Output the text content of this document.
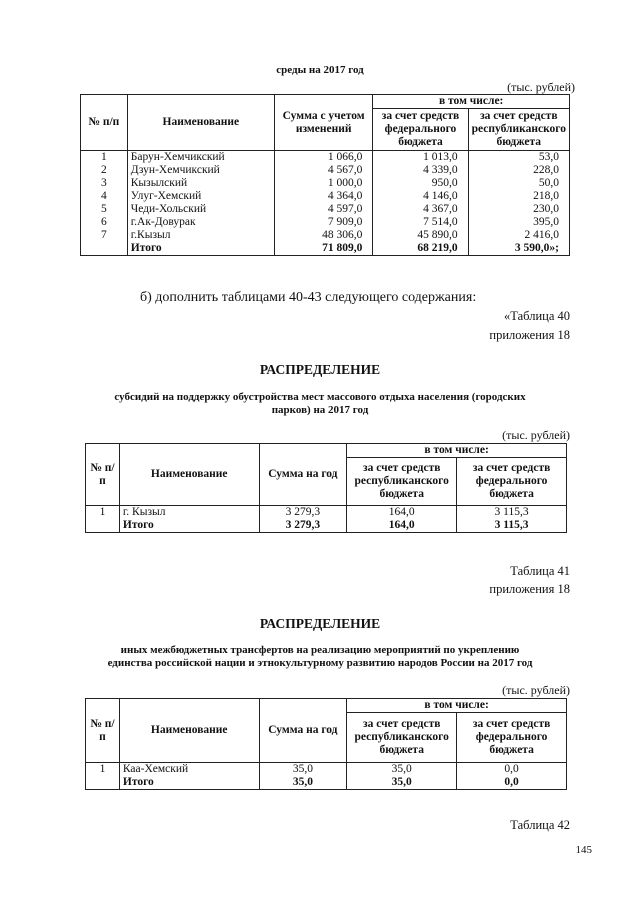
среды на 2017 год
(тыс. рублей)
№ п/п	Наименование	Сумма с учетом изменений	в том числе:	
			за счет средств федерального бюджета	за счет средств республиканского бюджета
1	Барун-Хемчикский	1 066,0	1 013,0	53,0
2	Дзун-Хемчикский	4 567,0	4 339,0	228,0
3	Кызылский	1 000,0	950,0	50,0
4	Улуг-Хемский	4 364,0	4 146,0	218,0
5	Чеди-Хольский	4 597,0	4 367,0	230,0
6	г.Ак-Довурак	7 909,0	7 514,0	395,0
7	г.Кызыл	48 306,0	45 890,0	2 416,0
	Итого	71 809,0	68 219,0	3 590,0»;
б) дополнить таблицами 40-43 следующего содержания:
«Таблица 40
приложения 18
РАСПРЕДЕЛЕНИЕ
субсидий на поддержку обустройства мест массового отдыха населения (городских
парков) на 2017 год
(тыс. рублей)
№ п/п	Наименование	Сумма на год	в том числе:	
			за счет средств республиканского бюджета	за счет средств федерального бюджета
1	г. Кызыл	3 279,3	164,0	3 115,3
	Итого	3 279,3	164,0	3 115,3
Таблица 41
приложения 18
РАСПРЕДЕЛЕНИЕ
иных межбюджетных трансфертов на реализацию мероприятий по укреплению
единства российской нации и этнокультурному развитию народов России на 2017 год
(тыс. рублей)
№ п/п	Наименование	Сумма на год	в том числе:	
			за счет средств республиканского бюджета	за счет средств федерального бюджета
1	Каа-Хемский	35,0	35,0	0,0
	Итого	35,0	35,0	0,0
Таблица 42
145
